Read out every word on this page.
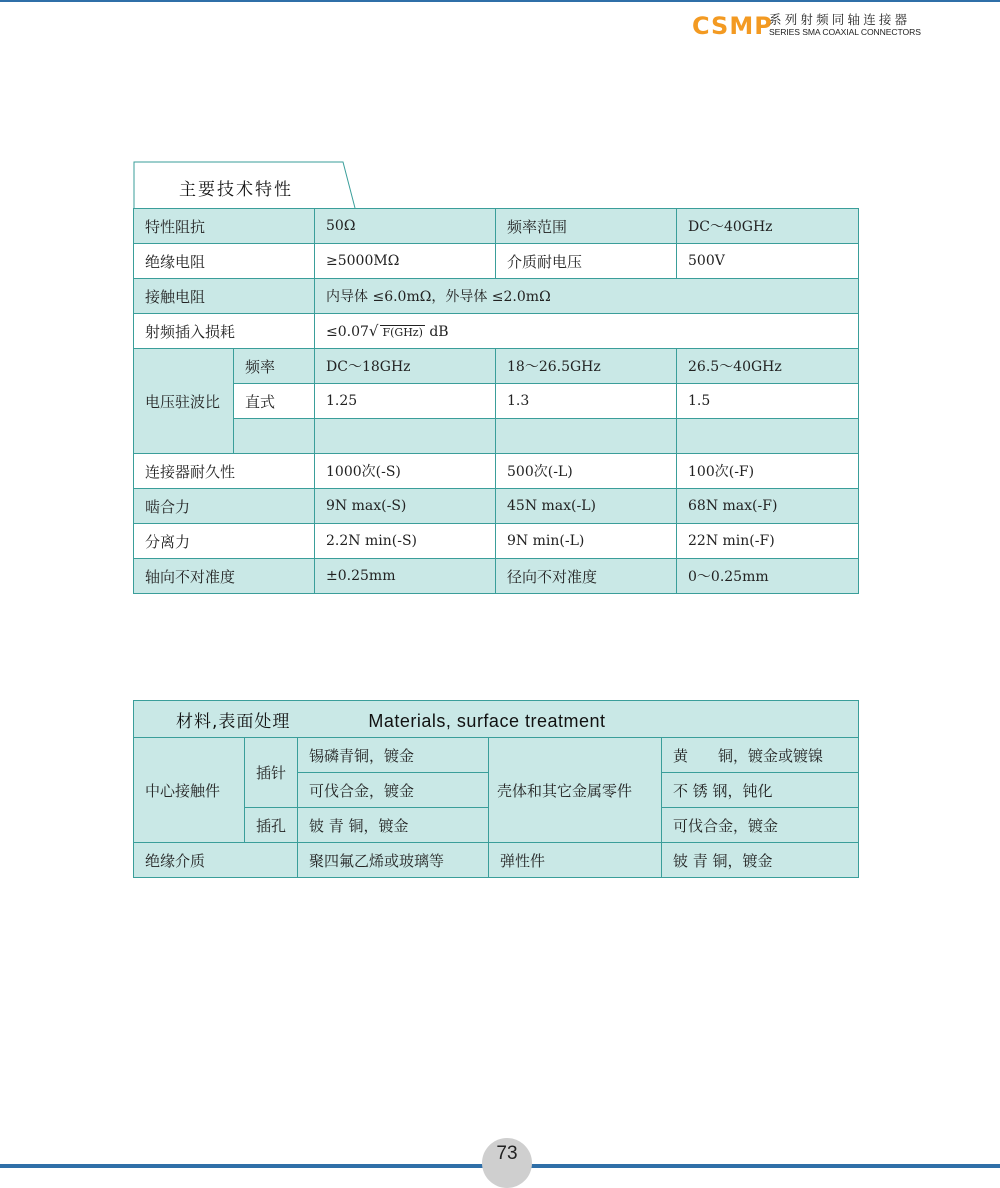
CSMP
系列射频同轴连接器
SERIES SMA COAXIAL CONNECTORS
主要技术特性
特性阻抗		50Ω	频率范围	DC～40GHz
绝缘电阻		≥5000MΩ	介质耐电压	500V
接触电阻		内导体 ≤6.0mΩ，外导体 ≤2.0mΩ		
射频插入损耗		≤0.07√ F(GHz) dB		
电压驻波比	频率	DC～18GHz	18～26.5GHz	26.5～40GHz
	直式	1.25	1.3	1.5

连接器耐久性		1000次(-S)	500次(-L)	100次(-F)
啮合力		9N max(-S)	45N max(-L)	68N max(-F)
分离力		2.2N min(-S)	9N min(-L)	22N min(-F)
轴向不对准度		±0.25mm	径向不对准度	0～0.25mm
材料,表面处理 Materials, surface treatment				
中心接触件	插针	锡磷青铜，镀金	壳体和其它金属零件	黄　　铜，镀金或镀镍
		可伐合金，镀金		不 锈 钢，钝化
	插孔	铍 青 铜，镀金		可伐合金，镀金
绝缘介质		聚四氟乙烯或玻璃等	弹性件	铍 青 铜，镀金
73
